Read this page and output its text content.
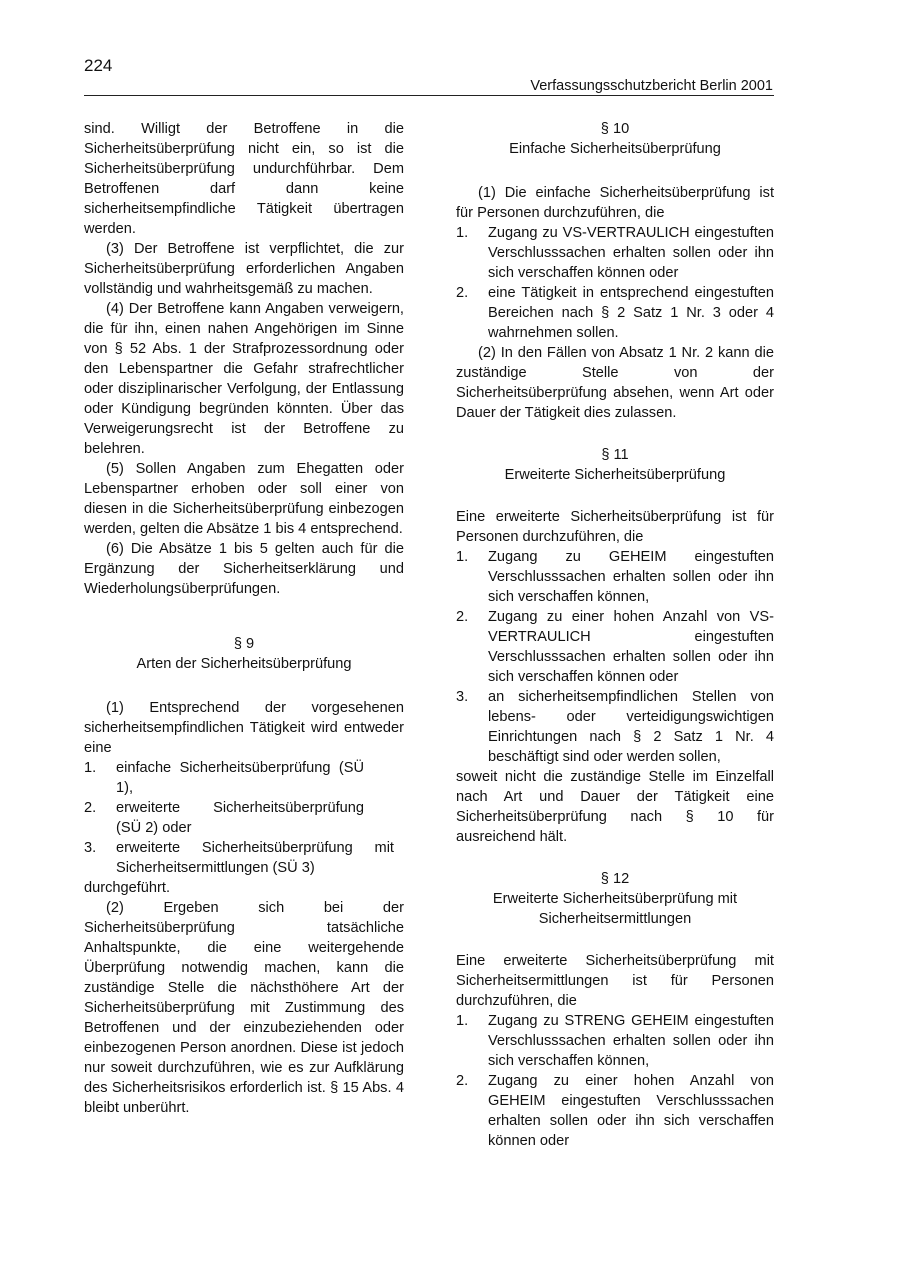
224
Verfassungsschutzbericht Berlin 2001

sind. Willigt der Betroffene in die Sicherheitsüberprüfung nicht ein, so ist die Sicherheitsüberprüfung undurchführbar. Dem Betroffenen darf dann keine sicherheitsempfindliche Tätigkeit übertragen werden.

(3) Der Betroffene ist verpflichtet, die zur Sicherheitsüberprüfung erforderlichen Angaben vollständig und wahrheitsgemäß zu machen.

(4) Der Betroffene kann Angaben verweigern, die für ihn, einen nahen Angehörigen im Sinne von § 52 Abs. 1 der Strafprozessordnung oder den Lebenspartner die Gefahr strafrechtlicher oder disziplinarischer Verfolgung, der Entlassung oder Kündigung begründen könnten. Über das Verweigerungsrecht ist der Betroffene zu belehren.

(5) Sollen Angaben zum Ehegatten oder Lebenspartner erhoben oder soll einer von diesen in die Sicherheitsüberprüfung einbezogen werden, gelten die Absätze 1 bis 4 entsprechend.

(6) Die Absätze 1 bis 5 gelten auch für die Ergänzung der Sicherheitserklärung und Wiederholungsüberprüfungen.

§ 9

Arten der Sicherheitsüberprüfung

(1) Entsprechend der vorgesehenen sicherheitsempfindlichen Tätigkeit wird entweder eine

1. einfache Sicherheitsüberprüfung (SÜ 1),
2. erweiterte Sicherheitsüberprüfung (SÜ 2) oder
3. erweiterte Sicherheitsüberprüfung mit Sicherheitsermittlungen (SÜ 3)

durchgeführt.

(2) Ergeben sich bei der Sicherheitsüberprüfung tatsächliche Anhaltspunkte, die eine weitergehende Überprüfung notwendig machen, kann die zuständige Stelle die nächsthöhere Art der Sicherheitsüberprüfung mit Zustimmung des Betroffenen und der einzubeziehenden oder einbezogenen Person anordnen. Diese ist jedoch nur soweit durchzuführen, wie es zur Aufklärung des Sicherheitsrisikos erforderlich ist. § 15 Abs. 4 bleibt unberührt.

§ 10

Einfache Sicherheitsüberprüfung

(1) Die einfache Sicherheitsüberprüfung ist für Personen durchzuführen, die

1. Zugang zu VS-VERTRAULICH eingestuften Verschlusssachen erhalten sollen oder ihn sich verschaffen können oder
2. eine Tätigkeit in entsprechend eingestuften Bereichen nach § 2 Satz 1 Nr. 3 oder 4 wahrnehmen sollen.

(2) In den Fällen von Absatz 1 Nr. 2 kann die zuständige Stelle von der Sicherheitsüberprüfung absehen, wenn Art oder Dauer der Tätigkeit dies zulassen.

§ 11

Erweiterte Sicherheitsüberprüfung

Eine erweiterte Sicherheitsüberprüfung ist für Personen durchzuführen, die

1. Zugang zu GEHEIM eingestuften Verschlusssachen erhalten sollen oder ihn sich verschaffen können,
2. Zugang zu einer hohen Anzahl von VS-VERTRAULICH eingestuften Verschlusssachen erhalten sollen oder ihn sich verschaffen können oder
3. an sicherheitsempfindlichen Stellen von lebens- oder verteidigungswichtigen Einrichtungen nach § 2 Satz 1 Nr. 4 beschäftigt sind oder werden sollen,

soweit nicht die zuständige Stelle im Einzelfall nach Art und Dauer der Tätigkeit eine Sicherheitsüberprüfung nach § 10 für ausreichend hält.

§ 12

Erweiterte Sicherheitsüberprüfung mit Sicherheitsermittlungen

Eine erweiterte Sicherheitsüberprüfung mit Sicherheitsermittlungen ist für Personen durchzuführen, die

1. Zugang zu STRENG GEHEIM eingestuften Verschlusssachen erhalten sollen oder ihn sich verschaffen können,
2. Zugang zu einer hohen Anzahl von GEHEIM eingestuften Verschlusssachen erhalten sollen oder ihn sich verschaffen können oder
